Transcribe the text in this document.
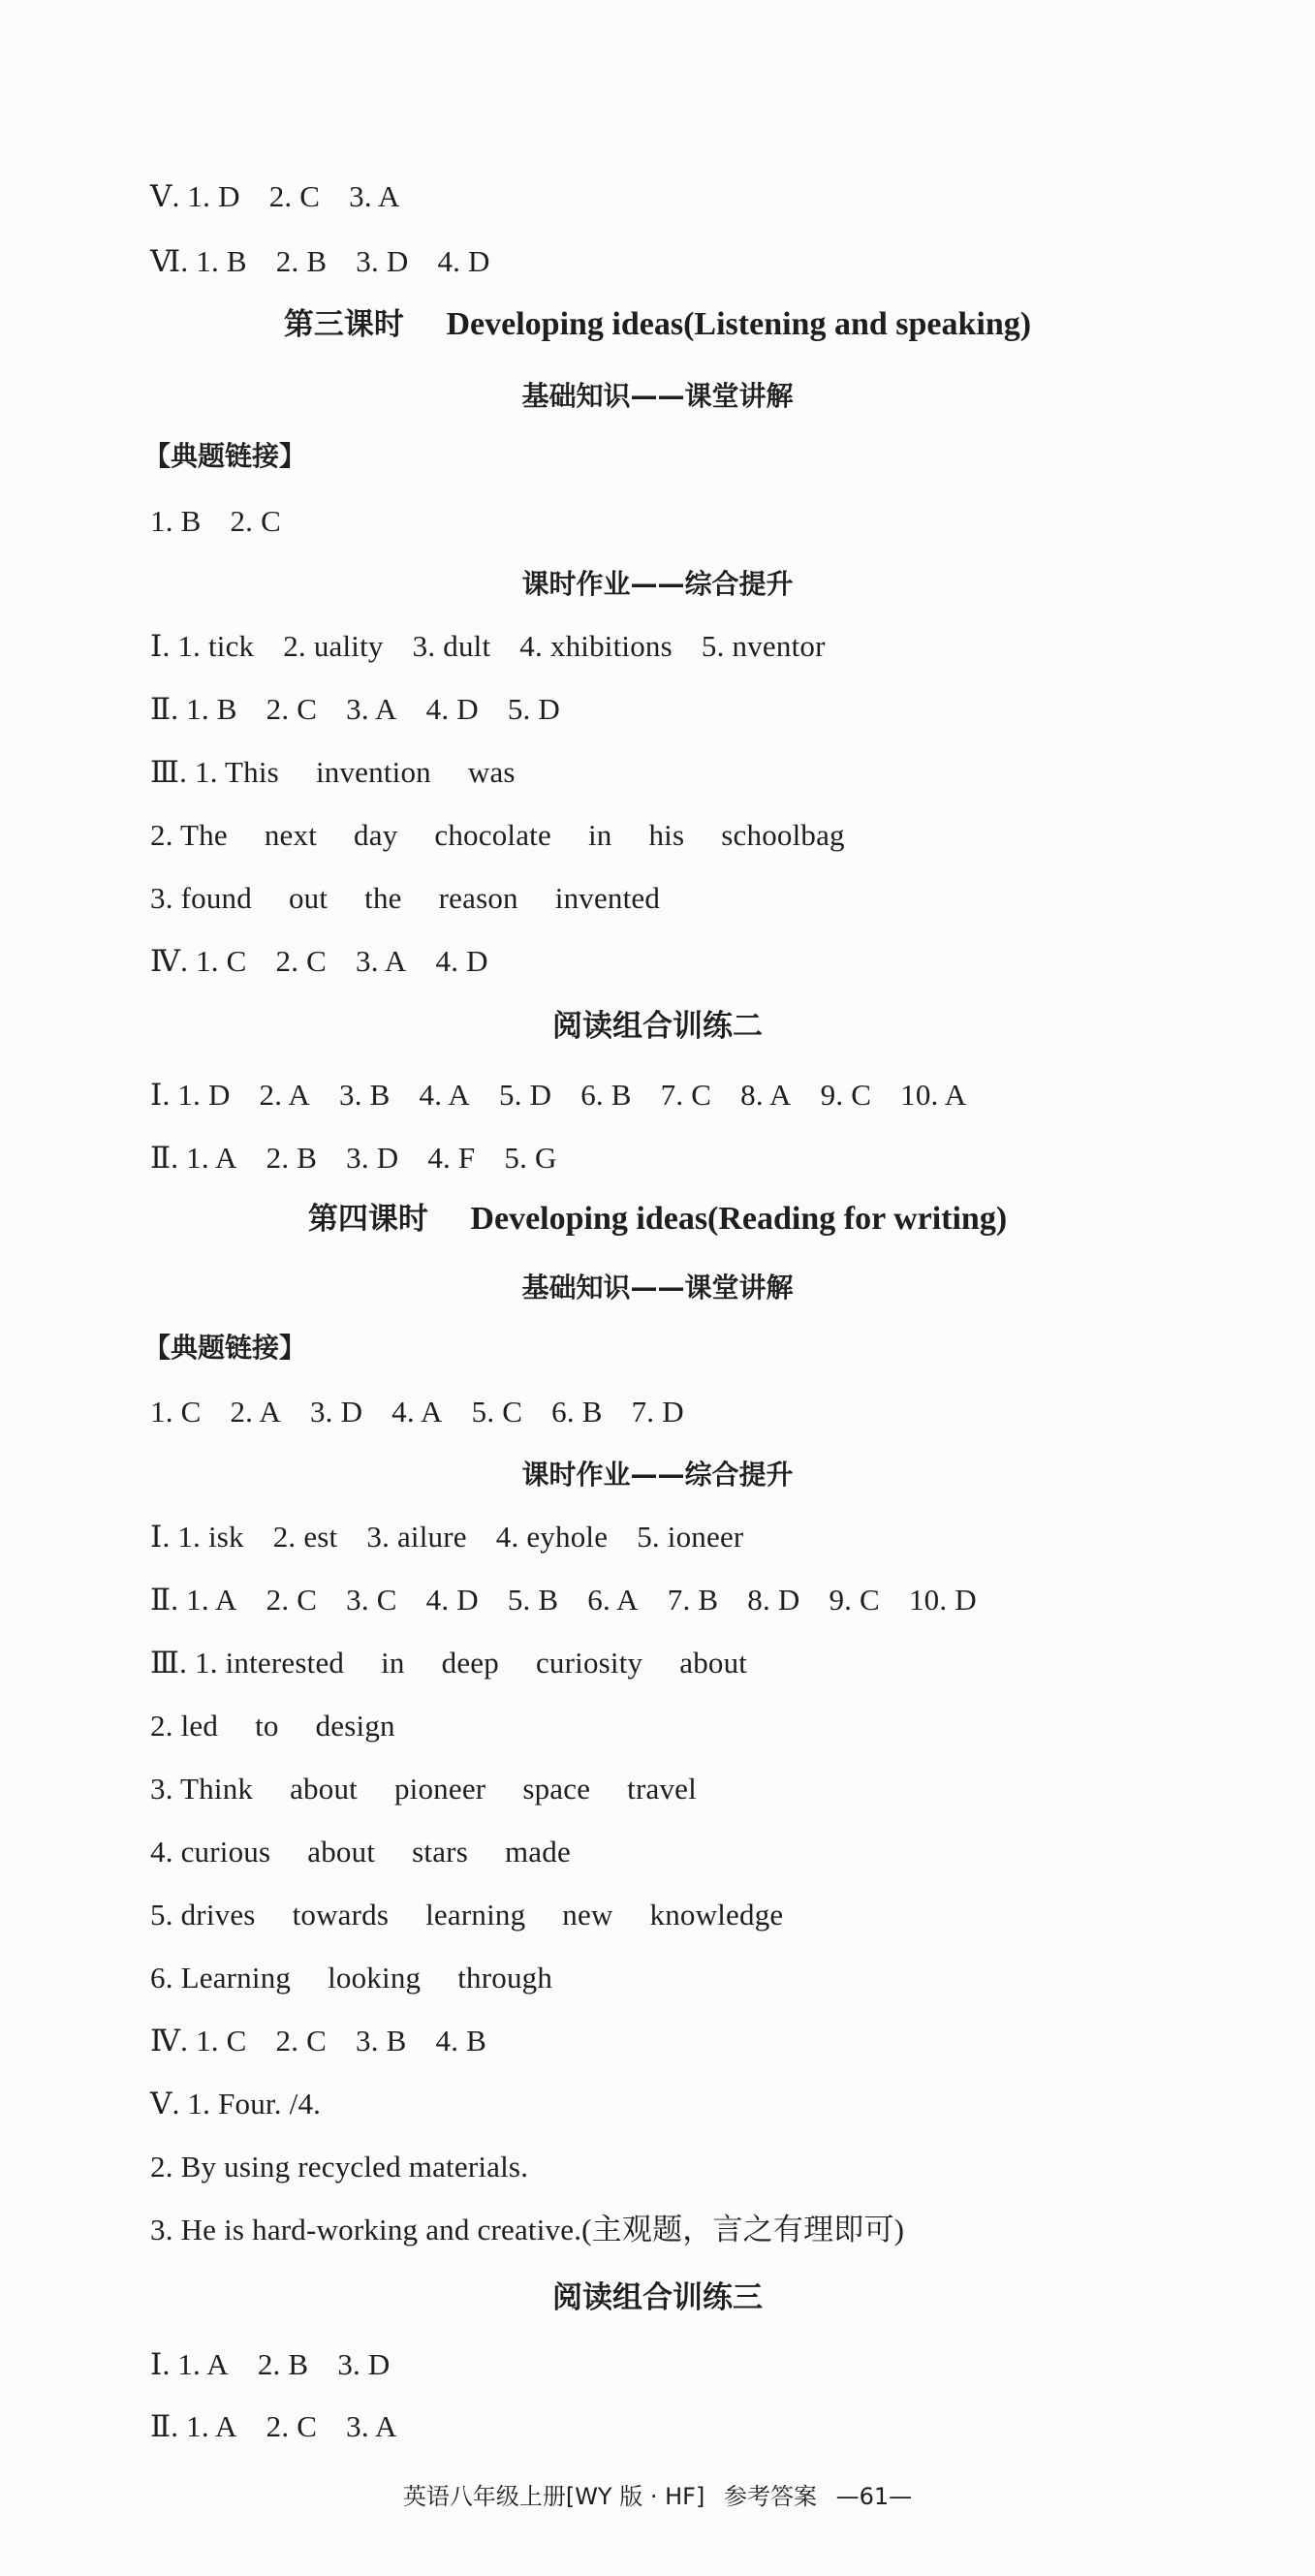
Ⅴ. 1. D 2. C 3. A
Ⅵ. 1. B 2. B 3. D 4. D
第三课时 Developing ideas(Listening and speaking)
基础知识——课堂讲解
【典题链接】
1. B 2. C
课时作业——综合提升
Ⅰ. 1. tick 2. uality 3. dult 4. xhibitions 5. nventor
Ⅱ. 1. B 2. C 3. A 4. D 5. D
Ⅲ. 1. This invention was
2. The next day chocolate in his schoolbag
3. found out the reason invented
Ⅳ. 1. C 2. C 3. A 4. D
阅读组合训练二
Ⅰ. 1. D 2. A 3. B 4. A 5. D 6. B 7. C 8. A 9. C 10. A
Ⅱ. 1. A 2. B 3. D 4. F 5. G
第四课时 Developing ideas(Reading for writing)
基础知识——课堂讲解
【典题链接】
1. C 2. A 3. D 4. A 5. C 6. B 7. D
课时作业——综合提升
Ⅰ. 1. isk 2. est 3. ailure 4. eyhole 5. ioneer
Ⅱ. 1. A 2. C 3. C 4. D 5. B 6. A 7. B 8. D 9. C 10. D
Ⅲ. 1. interested in deep curiosity about
2. led to design
3. Think about pioneer space travel
4. curious about stars made
5. drives towards learning new knowledge
6. Learning looking through
Ⅳ. 1. C 2. C 3. B 4. B
Ⅴ. 1. Four. /4.
2. By using recycled materials.
3. He is hard-working and creative.(主观题，言之有理即可)
阅读组合训练三
Ⅰ. 1. A 2. B 3. D
Ⅱ. 1. A 2. C 3. A
英语八年级上册[WY 版 · HF] 参考答案 —61—
